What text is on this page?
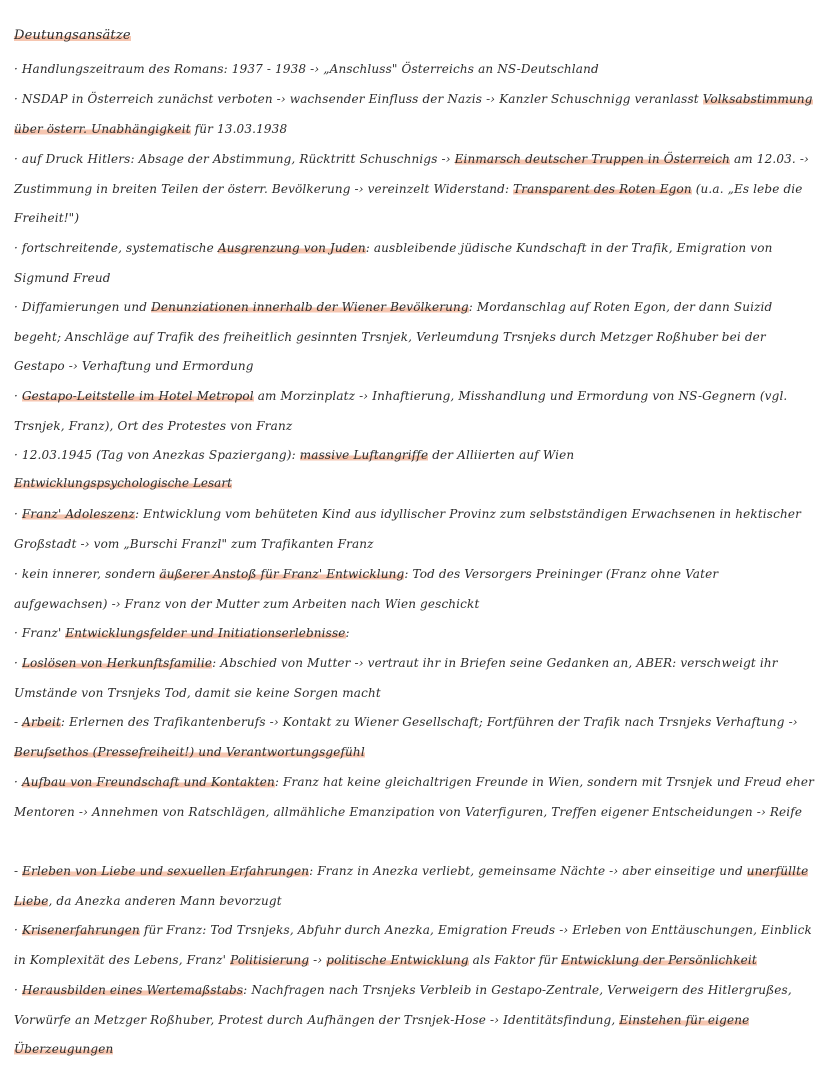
Deutungsansätze
· Handlungszeitraum des Romans: 1937 - 1938 -› „Anschluss" Österreichs an NS-Deutschland
· NSDAP in Österreich zunächst verboten -› wachsender Einfluss der Nazis -› Kanzler Schuschnigg veranlasst Volksabstimmung über österr. Unabhängigkeit für 13.03.1938
· auf Druck Hitlers: Absage der Abstimmung, Rücktritt Schuschnigs -› Einmarsch deutscher Truppen in Österreich am 12.03. -› Zustimmung in breiten Teilen der österr. Bevölkerung -› vereinzelt Widerstand: Transparent des Roten Egon (u.a. „Es lebe die Freiheit!")
· fortschreitende, systematische Ausgrenzung von Juden: ausbleibende jüdische Kundschaft in der Trafik, Emigration von Sigmund Freud
· Diffamierungen und Denunziationen innerhalb der Wiener Bevölkerung: Mordanschlag auf Roten Egon, der dann Suizid begeht; Anschläge auf Trafik des freiheitlich gesinnten Trsnjek, Verleumdung Trsnjeks durch Metzger Roßhuber bei der Gestapo -› Verhaftung und Ermordung
· Gestapo-Leitstelle im Hotel Metropol am Morzinplatz -› Inhaftierung, Misshandlung und Ermordung von NS-Gegnern (vgl. Trsnjek, Franz), Ort des Protestes von Franz
· 12.03.1945 (Tag von Anezkas Spaziergang): massive Luftangriffe der Alliierten auf Wien
Entwicklungspsychologische Lesart
· Franz' Adoleszenz: Entwicklung vom behüteten Kind aus idyllischer Provinz zum selbstständigen Erwachsenen in hektischer Großstadt -› vom „Burschi Franzl" zum Trafikanten Franz
· kein innerer, sondern äußerer Anstoß für Franz' Entwicklung: Tod des Versorgers Preininger (Franz ohne Vater aufgewachsen) -› Franz von der Mutter zum Arbeiten nach Wien geschickt
· Franz' Entwicklungsfelder und Initiationserlebnisse:
· Loslösen von Herkunftsfamilie: Abschied von Mutter -› vertraut ihr in Briefen seine Gedanken an, ABER: verschweigt ihr Umstände von Trsnjeks Tod, damit sie keine Sorgen macht
- Arbeit: Erlernen des Trafikantenberufs -› Kontakt zu Wiener Gesellschaft; Fortführen der Trafik nach Trsnjeks Verhaftung -› Berufsethos (Pressefreiheit!) und Verantwortungsgefühl
· Aufbau von Freundschaft und Kontakten: Franz hat keine gleichaltrigen Freunde in Wien, sondern mit Trsnjek und Freud eher Mentoren -› Annehmen von Ratschlägen, allmähliche Emanzipation von Vaterfiguren, Treffen eigener Entscheidungen -› Reife
- Erleben von Liebe und sexuellen Erfahrungen: Franz in Anezka verliebt, gemeinsame Nächte -› aber einseitige und unerfüllte Liebe, da Anezka anderen Mann bevorzugt
· Krisenerfahrungen für Franz: Tod Trsnjeks, Abfuhr durch Anezka, Emigration Freuds -› Erleben von Enttäuschungen, Einblick in Komplexität des Lebens, Franz' Politisierung -› politische Entwicklung als Faktor für Entwicklung der Persönlichkeit
· Herausbilden eines Wertemaßstabs: Nachfragen nach Trsnjeks Verbleib in Gestapo-Zentrale, Verweigern des Hitlergrußes, Vorwürfe an Metzger Roßhuber, Protest durch Aufhängen der Trsnjek-Hose -› Identitätsfindung, Einstehen für eigene Überzeugungen
